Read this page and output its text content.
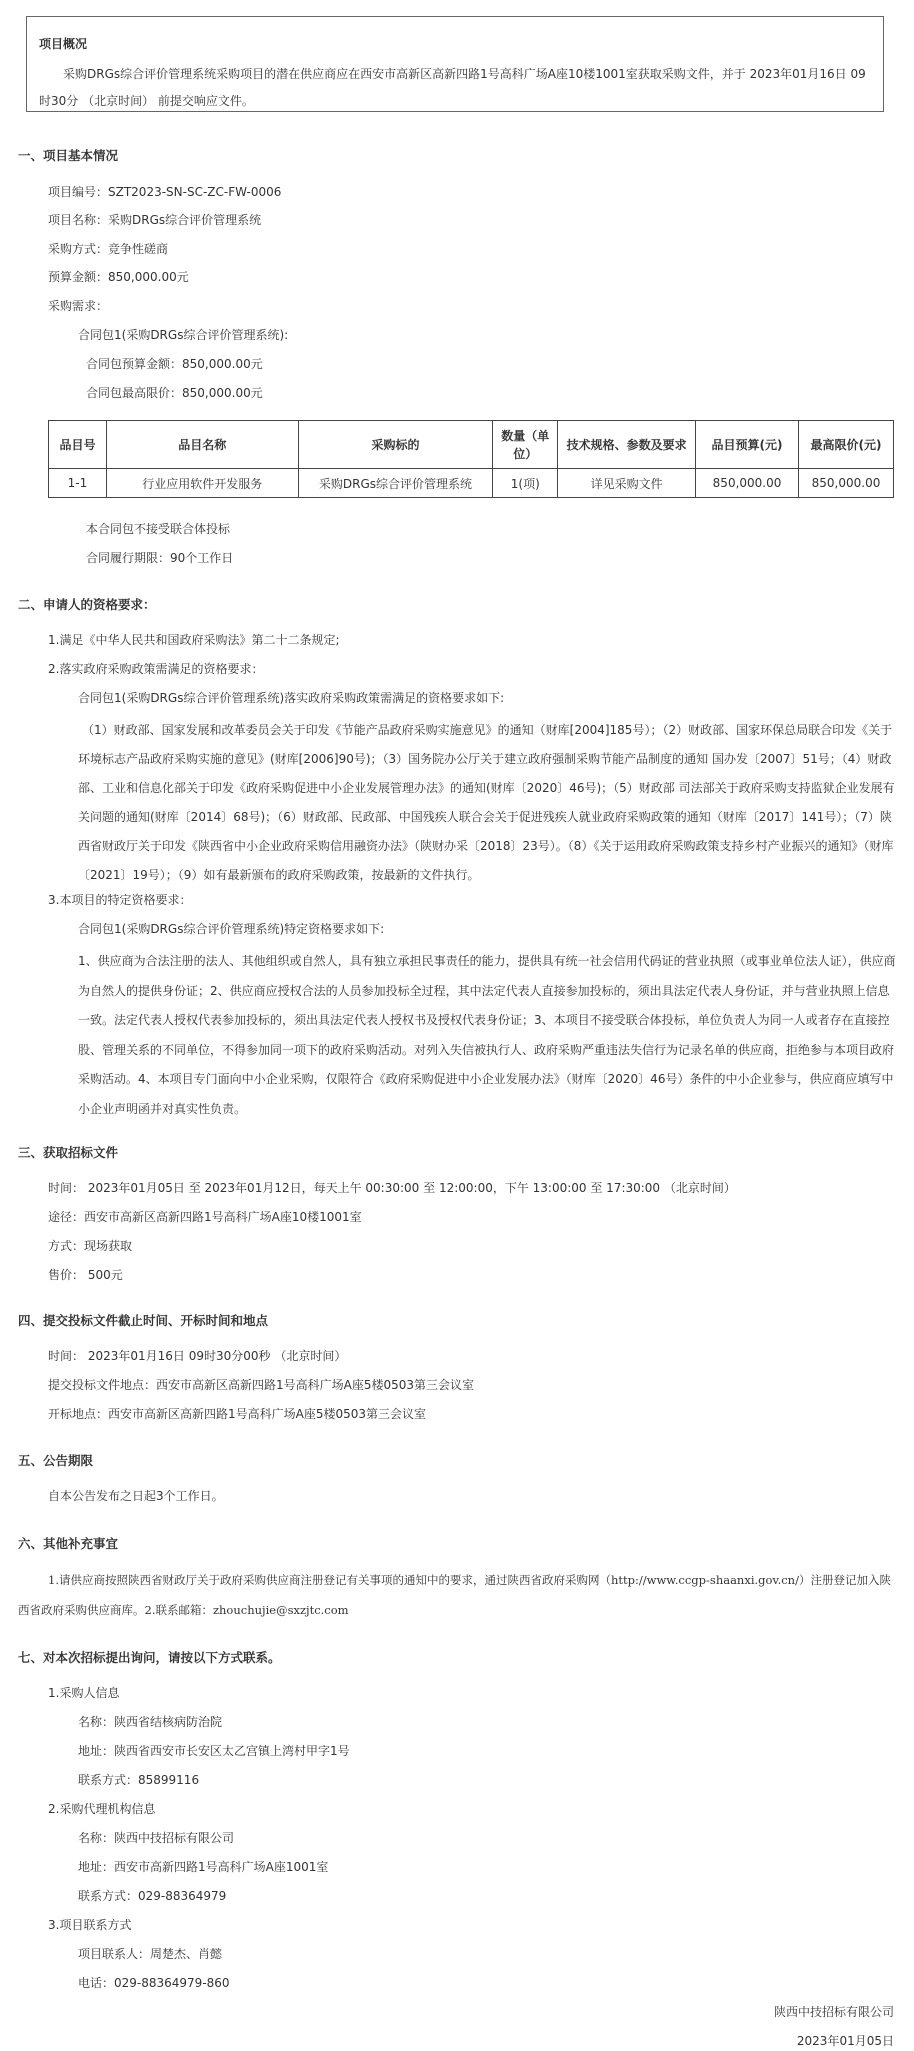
项目概况
采购DRGs综合评价管理系统采购项目的潜在供应商应在西安市高新区高新四路1号高科广场A座10楼1001室获取采购文件，并于 2023年01月16日 09时30分 （北京时间） 前提交响应文件。
一、项目基本情况
项目编号：SZT2023-SN-SC-ZC-FW-0006
项目名称：采购DRGs综合评价管理系统
采购方式：竞争性磋商
预算金额：850,000.00元
采购需求：
合同包1(采购DRGs综合评价管理系统):
合同包预算金额：850,000.00元
合同包最高限价：850,000.00元
品目号	品目名称	采购标的	数量（单位）	技术规格、参数及要求	品目预算(元)	最高限价(元)
1-1	行业应用软件开发服务	采购DRGs综合评价管理系统	1(项)	详见采购文件	850,000.00	850,000.00
本合同包不接受联合体投标
合同履行期限：90个工作日
二、申请人的资格要求：
1.满足《中华人民共和国政府采购法》第二十二条规定;
2.落实政府采购政策需满足的资格要求：
合同包1(采购DRGs综合评价管理系统)落实政府采购政策需满足的资格要求如下:
（1）财政部、国家发展和改革委员会关于印发《节能产品政府采购实施意见》的通知（财库[2004]185号）；（2）财政部、国家环保总局联合印发《关于环境标志产品政府采购实施的意见》(财库[2006]90号)；（3）国务院办公厅关于建立政府强制采购节能产品制度的通知 国办发〔2007〕51号；（4）财政部、工业和信息化部关于印发《政府采购促进中小企业发展管理办法》的通知(财库〔2020〕46号)；（5）财政部 司法部关于政府采购支持监狱企业发展有关问题的通知(财库〔2014〕68号)；（6）财政部、民政部、中国残疾人联合会关于促进残疾人就业政府采购政策的通知（财库〔2017〕141号）；（7）陕西省财政厅关于印发《陕西省中小企业政府采购信用融资办法》（陕财办采〔2018〕23号）。（8）《关于运用政府采购政策支持乡村产业振兴的通知》（财库〔2021〕19号）；（9）如有最新颁布的政府采购政策，按最新的文件执行。
3.本项目的特定资格要求：
合同包1(采购DRGs综合评价管理系统)特定资格要求如下:
1、供应商为合法注册的法人、其他组织或自然人，具有独立承担民事责任的能力，提供具有统一社会信用代码证的营业执照（或事业单位法人证），供应商为自然人的提供身份证；2、供应商应授权合法的人员参加投标全过程，其中法定代表人直接参加投标的，须出具法定代表人身份证，并与营业执照上信息一致。法定代表人授权代表参加投标的，须出具法定代表人授权书及授权代表身份证；3、本项目不接受联合体投标，单位负责人为同一人或者存在直接控股、管理关系的不同单位，不得参加同一项下的政府采购活动。对列入失信被执行人、政府采购严重违法失信行为记录名单的供应商，拒绝参与本项目政府采购活动。4、本项目专门面向中小企业采购，仅限符合《政府采购促进中小企业发展办法》（财库〔2020〕46号）条件的中小企业参与，供应商应填写中小企业声明函并对真实性负责。
三、获取招标文件
时间： 2023年01月05日 至 2023年01月12日，每天上午 00:30:00 至 12:00:00，下午 13:00:00 至 17:30:00 （北京时间）
途径：西安市高新区高新四路1号高科广场A座10楼1001室
方式：现场获取
售价： 500元
四、提交投标文件截止时间、开标时间和地点
时间： 2023年01月16日 09时30分00秒 （北京时间）
提交投标文件地点：西安市高新区高新四路1号高科广场A座5楼0503第三会议室
开标地点：西安市高新区高新四路1号高科广场A座5楼0503第三会议室
五、公告期限
自本公告发布之日起3个工作日。
六、其他补充事宜
1.请供应商按照陕西省财政厅关于政府采购供应商注册登记有关事项的通知中的要求，通过陕西省政府采购网（http://www.ccgp-shaanxi.gov.cn/）注册登记加入陕西省政府采购供应商库。2.联系邮箱：zhouchujie@sxzjtc.com
七、对本次招标提出询问，请按以下方式联系。
1.采购人信息
名称：陕西省结核病防治院
地址：陕西省西安市长安区太乙宫镇上湾村甲字1号
联系方式：85899116
2.采购代理机构信息
名称：陕西中技招标有限公司
地址：西安市高新四路1号高科广场A座1001室
联系方式：029-88364979
3.项目联系方式
项目联系人：周楚杰、肖懿
电话：029-88364979-860
陕西中技招标有限公司
2023年01月05日
